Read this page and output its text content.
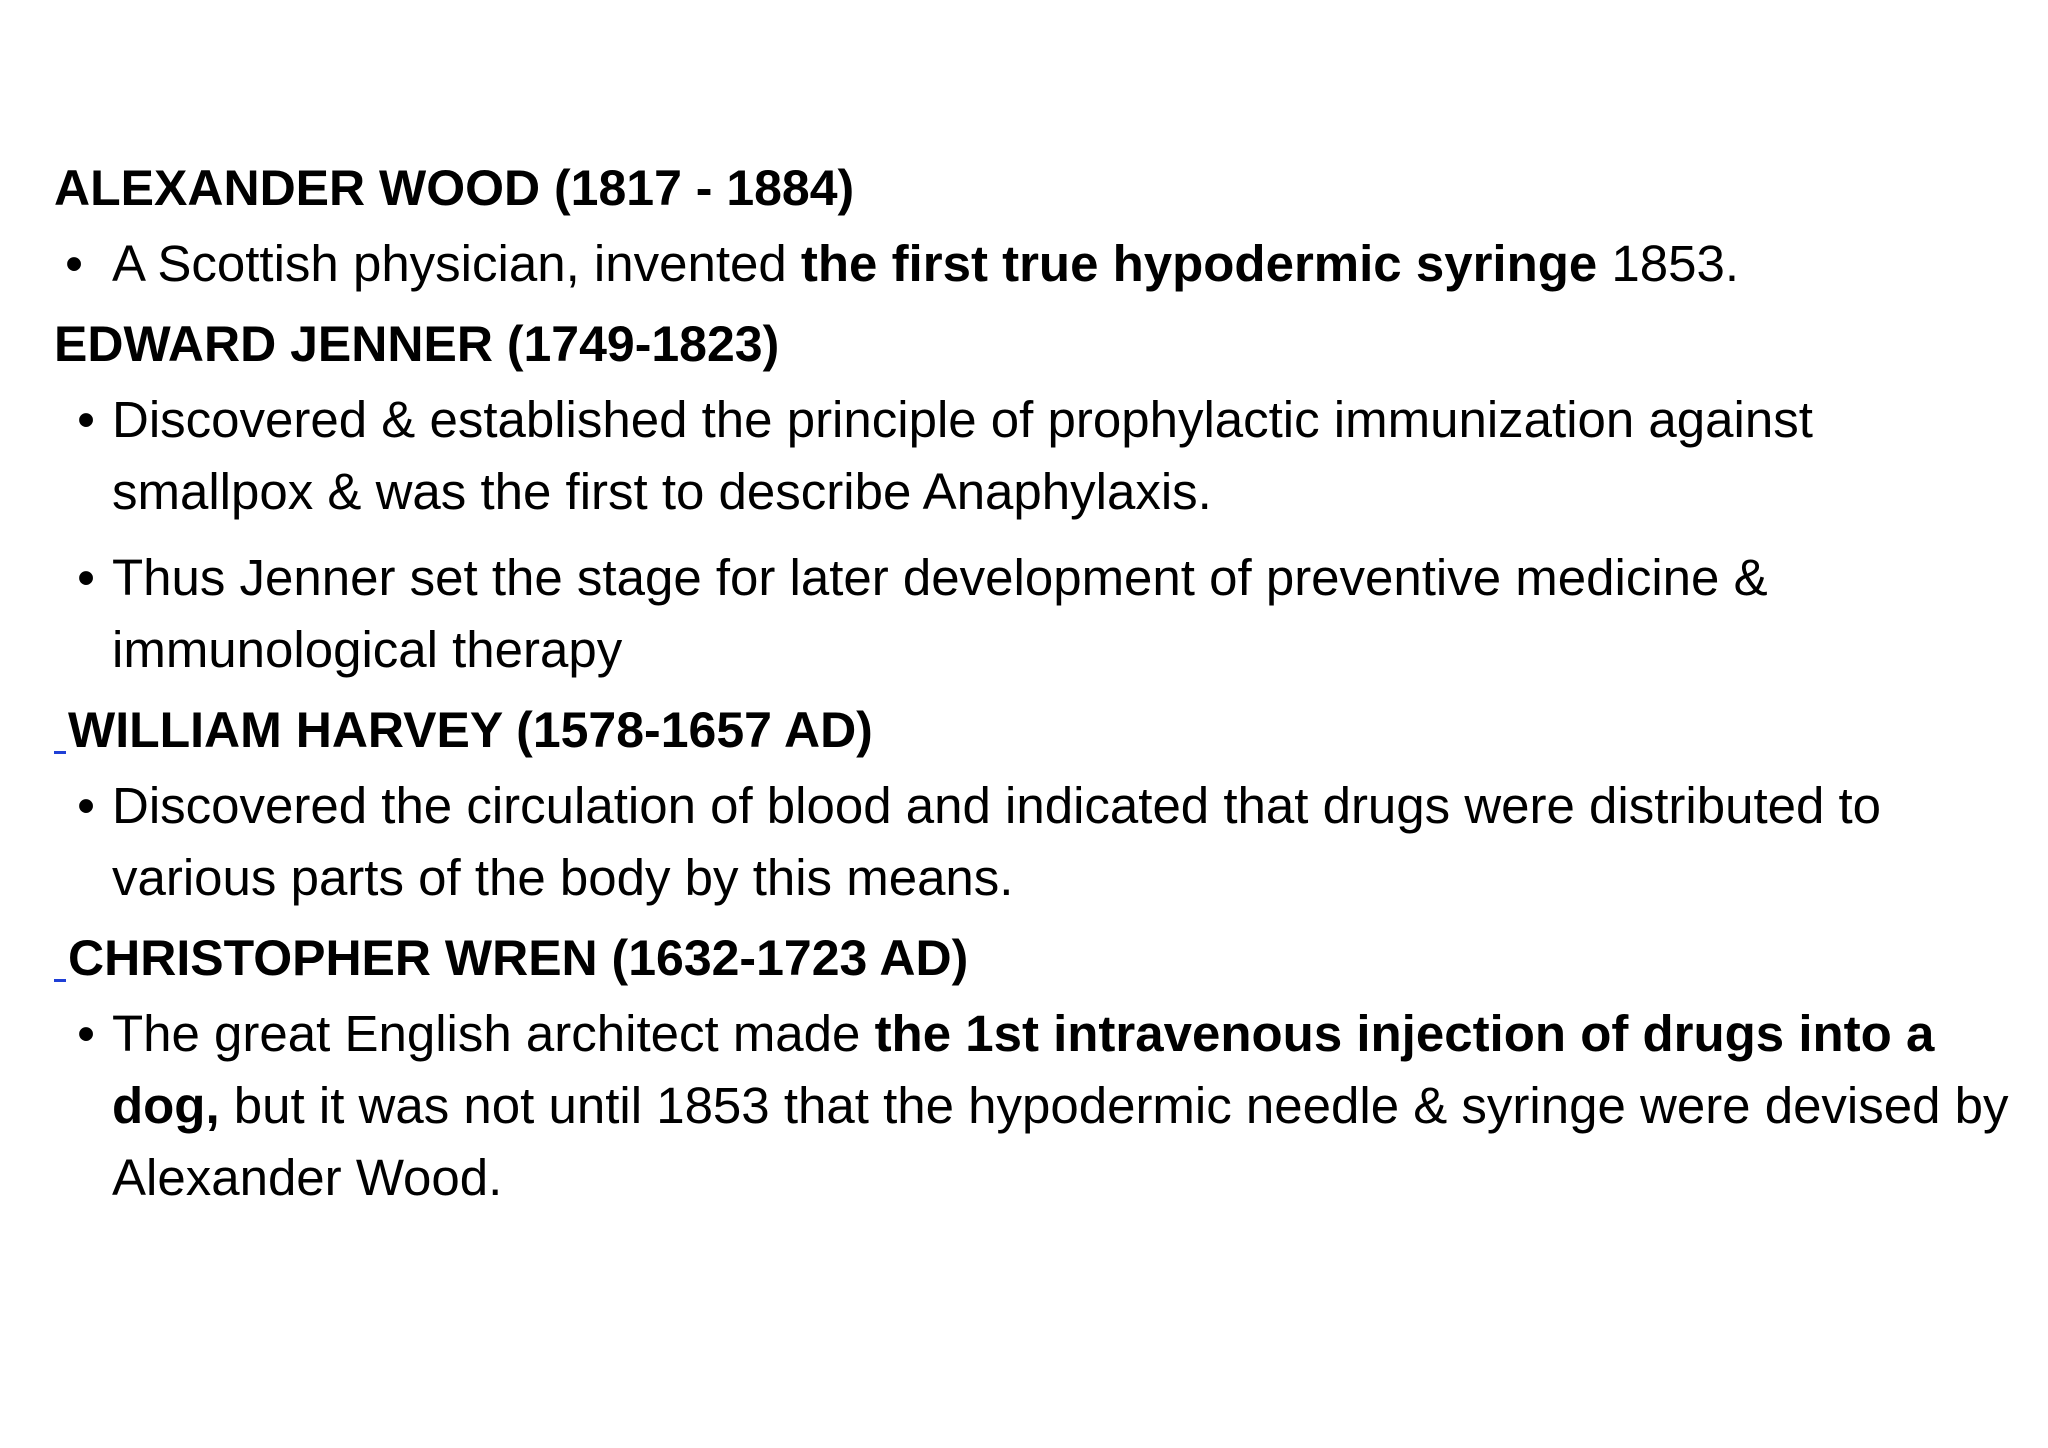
ALEXANDER WOOD (1817 - 1884)
• A Scottish physician, invented the first true hypodermic syringe 1853.
EDWARD JENNER (1749-1823)
• Discovered & established the principle of prophylactic immunization against smallpox & was the first to describe Anaphylaxis.
• Thus Jenner set the stage for later development of preventive medicine & immunological therapy
WILLIAM HARVEY (1578-1657 AD)
• Discovered the circulation of blood and indicated that drugs were distributed to various parts of the body by this means.
CHRISTOPHER WREN (1632-1723 AD)
• The great English architect made the 1st intravenous injection of drugs into a dog, but it was not until 1853 that the hypodermic needle & syringe were devised by Alexander Wood.
